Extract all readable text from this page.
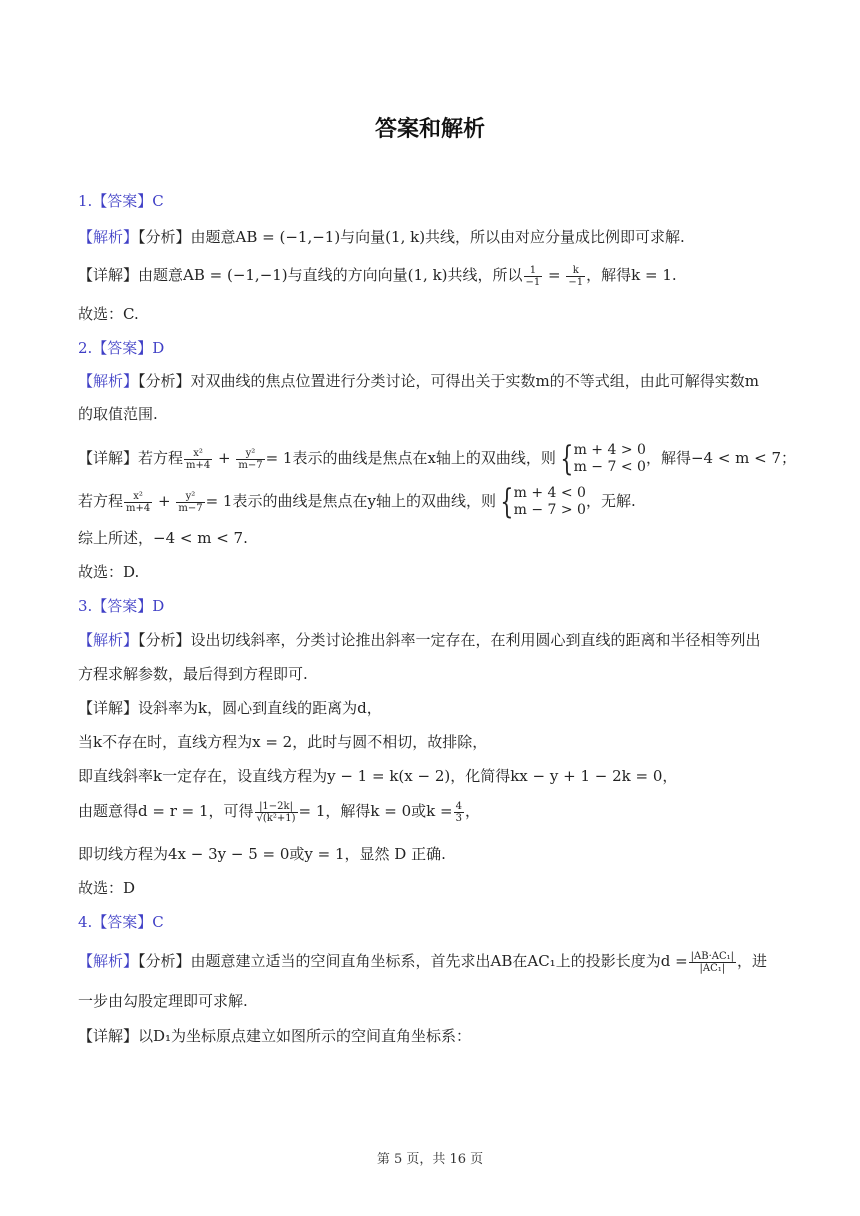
答案和解析
1.【答案】C
【解析】【分析】由题意AB = (−1,−1)与向量(1, k)共线，所以由对应分量成比例即可求解.
【详解】由题意AB = (−1,−1)与直线的方向向量(1, k)共线，所以 $\frac{1}{-1} = \frac{k}{-1}$ ，解得k = 1.
故选：C.
2.【答案】D
【解析】【分析】对双曲线的焦点位置进行分类讨论，可得出关于实数m的不等式组，由此可解得实数m
的取值范围.
【详解】若方程 $\frac{\text{x²}}{m+4} + \frac{\text{y²}}{m-7} = 1$表示的曲线是焦点在x轴上的双曲线，则 { m + 4 > 0
m − 7 < 0 ，解得−4 < m < 7；
若方程 $\frac{\text{x²}}{m+4} + \frac{\text{y²}}{m-7} = 1$表示的曲线是焦点在y轴上的双曲线，则 { m + 4 < 0
m − 7 > 0 ，无解.
综上所述，−4 < m < 7.
故选：D.
3.【答案】D
【解析】【分析】设出切线斜率，分类讨论推出斜率一定存在，在利用圆心到直线的距离和半径相等列出
方程求解参数，最后得到方程即可.
【详解】设斜率为k，圆心到直线的距离为d，
当k不存在时，直线方程为x = 2，此时与圆不相切，故排除，
即直线斜率k一定存在，设直线方程为y − 1 = k(x − 2)，化简得kx − y + 1 − 2k = 0，
由题意得d = r = 1，可得 $\frac{|1-2k|}{\text{√(k²+1)}} = 1$，解得k = 0或$k = \frac{4}{3}$ ，
即切线方程为4x − 3y − 5 = 0或y = 1，显然 D 正确.
故选：D
4.【答案】C
【解析】【分析】由题意建立适当的空间直角坐标系，首先求出AB在AC₁上的投影长度为$d = \frac{\text{|AB·AC₁|}}{\text{|AC₁|}}$ ，进
一步由勾股定理即可求解.
【详解】以D₁为坐标原点建立如图所示的空间直角坐标系：
第 5 页，共 16 页
